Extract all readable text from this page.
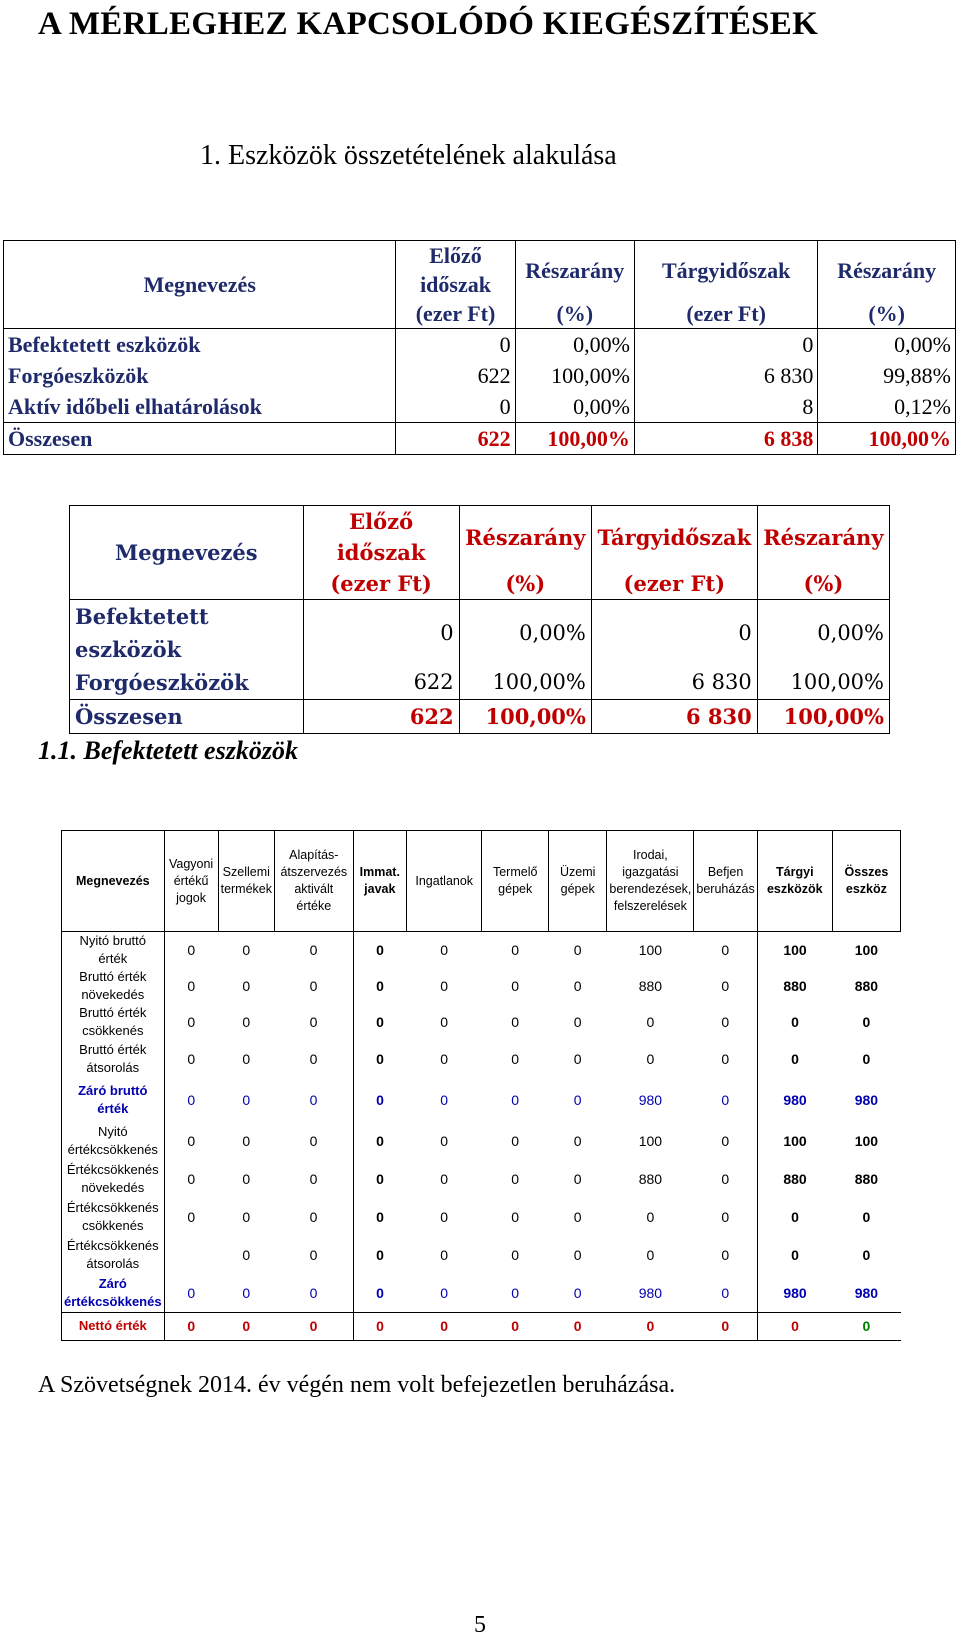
A MÉRLEGHEZ KAPCSOLÓDÓ KIEGÉSZÍTÉSEK
1. Eszközök összetételének alakulása
Megnevezés	Előző időszak	Részarány	Tárgyidőszak	Részarány
	(ezer Ft)	(%)	(ezer Ft)	(%)
Befektetett eszközök	0	0,00%	0	0,00%
Forgóeszközök	622	100,00%	6 830	99,88%
Aktív időbeli elhatárolások	0	0,00%	8	0,12%
Összesen	622	100,00%	6 838	100,00%
Megnevezés	Előző időszak	Részarány	Tárgyidőszak	Részarány
	(ezer Ft)	(%)	(ezer Ft)	(%)
Befektetett eszközök	0	0,00%	0	0,00%
Forgóeszközök	622	100,00%	6 830	100,00%
Összesen	622	100,00%	6 830	100,00%
1.1. Befektetett eszközök
Megnevezés	Vagyoni értékű jogok	Szellemi termékek	Alapítás-átszervezés aktivált értéke	Immat. javak	Ingatlanok	Termelő gépek	Üzemi gépek	Irodai, igazgatási berendezések, felszerelések	Befjen beruházás	Tárgyi eszközök	Összes eszköz
Nyitó bruttó érték	0	0	0	0	0	0	0	100	0	100	100
Bruttó érték növekedés	0	0	0	0	0	0	0	880	0	880	880
Bruttó érték csökkenés	0	0	0	0	0	0	0	0	0	0	0
Bruttó érték átsorolás	0	0	0	0	0	0	0	0	0	0	0
Záró bruttó érték	0	0	0	0	0	0	0	980	0	980	980
Nyitó értékcsökkenés	0	0	0	0	0	0	0	100	0	100	100
Értékcsökkenés növekedés	0	0	0	0	0	0	0	880	0	880	880
Értékcsökkenés csökkenés	0	0	0	0	0	0	0	0	0	0	0
Értékcsökkenés átsorolás		0	0	0	0	0	0	0	0	0	0
Záró értékcsökkenés	0	0	0	0	0	0	0	980	0	980	980
Nettó érték	0	0	0	0	0	0	0	0	0	0	0
A Szövetségnek 2014. év végén nem volt befejezetlen beruházása.
5
